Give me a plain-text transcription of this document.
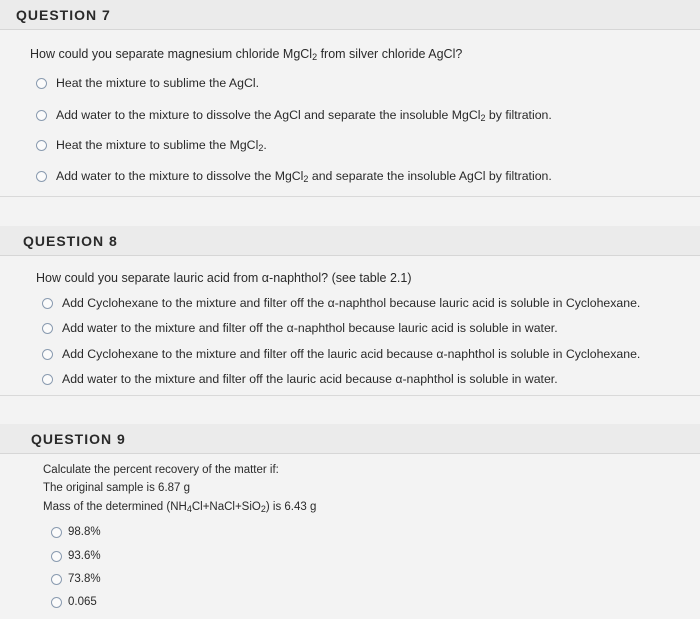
QUESTION 7
How could you separate magnesium chloride MgCl$_2$ from silver chloride AgCl?
Heat the mixture to sublime the AgCl.
Add water to the mixture to dissolve the AgCl and separate the insoluble MgCl$_2$ by filtration.
Heat the mixture to sublime the MgCl$_2$.
Add water to the mixture to dissolve the MgCl$_2$ and separate the insoluble AgCl by filtration.
QUESTION 8
How could you separate lauric acid from α-naphthol? (see table 2.1)
Add Cyclohexane to the mixture and filter off the α-naphthol because lauric acid is soluble in Cyclohexane.
Add water to the mixture and filter off the α-naphthol because lauric acid is soluble in water.
Add Cyclohexane to the mixture and filter off the lauric acid because α-naphthol is soluble in Cyclohexane.
Add water to the mixture and filter off the lauric acid because α-naphthol is soluble in water.
QUESTION 9
Calculate the percent recovery of the matter if:
The original sample is 6.87 g
Mass of the determined $(NH_4Cl+NaCl+SiO_2)$ is 6.43 g
98.8%
93.6%
73.8%
0.065
